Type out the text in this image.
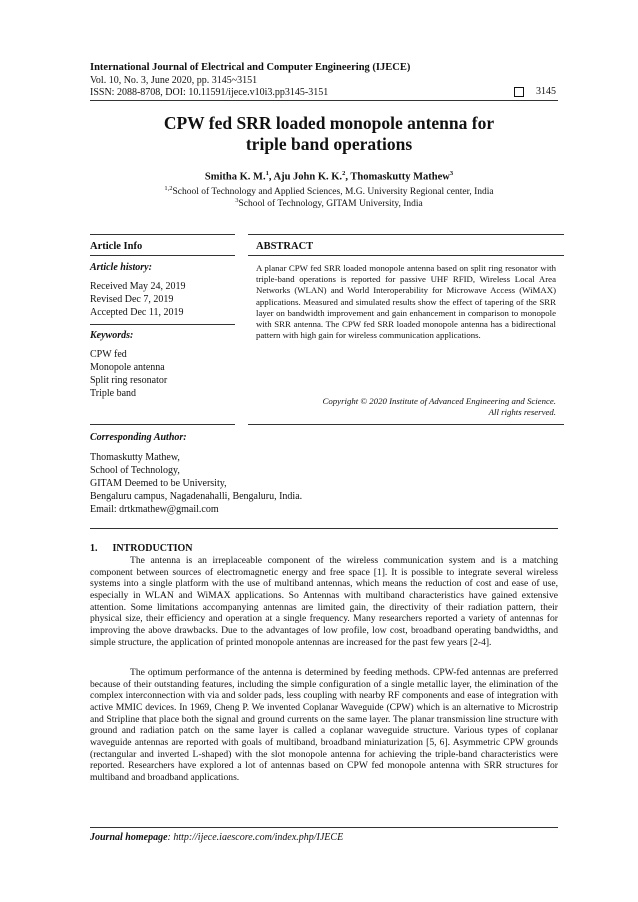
International Journal of Electrical and Computer Engineering (IJECE)
Vol. 10, No. 3, June 2020, pp. 3145~3151
ISSN: 2088-8708, DOI: 10.11591/ijece.v10i3.pp3145-3151	3145
CPW fed SRR loaded monopole antenna for
triple band operations
Smitha K. M.$^1$, Aju John K. K.$^2$, Thomaskutty Mathew$^3$
$^{1,2}$School of Technology and Applied Sciences, M.G. University Regional center, India
$^3$School of Technology, GITAM University, India
Article Info	ABSTRACT
Article history:
Received May 24, 2019
Revised Dec 7, 2019
Accepted Dec 11, 2019
Keywords:
CPW fed
Monopole antenna
Split ring resonator
Triple band
A planar CPW fed SRR loaded monopole antenna based on split ring resonator with triple-band operations is reported for passive UHF RFID, Wireless Local Area Networks (WLAN) and World Interoperability for Microwave Access (WiMAX) applications. Measured and simulated results show the effect of tapering of the SRR layer on bandwidth improvement and gain enhancement in comparison to monopole with SRR antenna. The CPW fed SRR loaded monopole antenna has a bidirectional pattern with high gain for wireless communication applications.
Copyright © 2020 Institute of Advanced Engineering and Science.
All rights reserved.
Corresponding Author:
Thomaskutty Mathew,
School of Technology,
GITAM Deemed to be University,
Bengaluru campus, Nagadenahalli, Bengaluru, India.
Email: drtkmathew@gmail.com
1.      INTRODUCTION
The antenna is an irreplaceable component of the wireless communication system and is a matching component between sources of electromagnetic energy and free space [1]. It is possible to integrate several wireless systems into a single platform with the use of multiband antennas, which means the reduction of cost and ease of use, especially in WLAN and WiMAX applications. So Antennas with multiband characteristics have gained extensive attention. Some limitations accompanying antennas are limited gain, the directivity of their radiation pattern, their physical size, their efficiency and operation at a single frequency. Many researchers reported a variety of antennas for improving the above drawbacks. Due to the advantages of low profile, low cost, broadband operating bandwidths, and simple structure, the application of printed monopole antennas are increased for the past few years [2-4].
The optimum performance of the antenna is determined by feeding methods. CPW-fed antennas are preferred because of their outstanding features, including the simple configuration of a single metallic layer, the elimination of the complex interconnection with via and solder pads, less coupling with nearby RF components and ease of integration with active MMIC devices. In 1969, Cheng P. We invented Coplanar Waveguide (CPW) which is an alternative to Microstrip and Stripline that place both the signal and ground currents on the same layer. The planar transmission line structure with ground and radiation patch on the same layer is called a coplanar waveguide structure. Various types of coplanar waveguide antennas are reported with goals of multiband, broadband miniaturization [5, 6]. Asymmetric CPW grounds (rectangular and inverted L-shaped) with the slot monopole antenna for achieving the triple-band characteristics were reported. Researchers have explored a lot of antennas based on CPW fed monopole antenna with SRR structures for multiband and broadband applications.
Journal homepage: http://ijece.iaescore.com/index.php/IJECE
